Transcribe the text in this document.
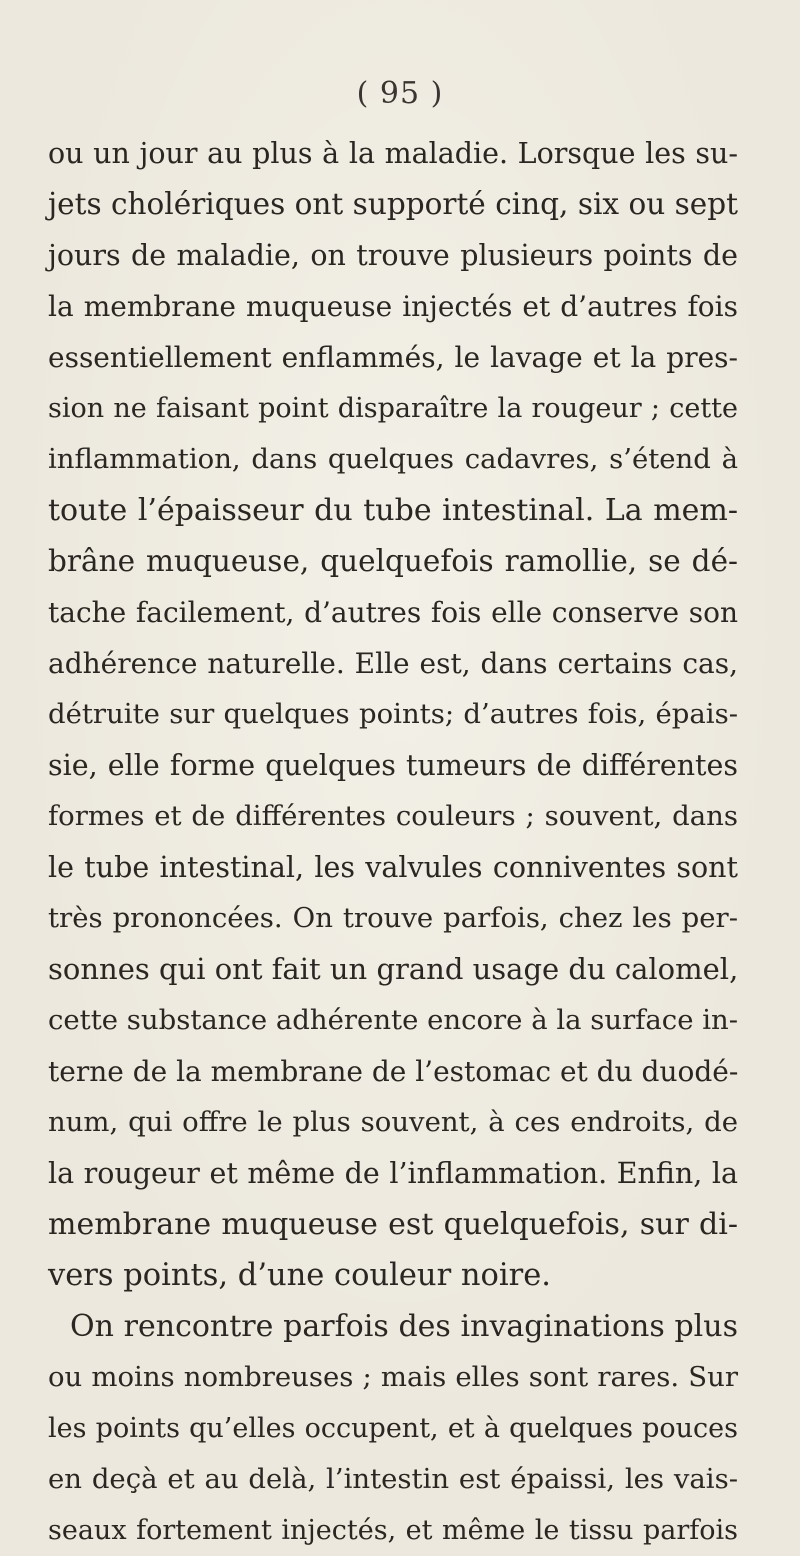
( 95 )
ou un jour au plus à la maladie. Lorsque les su-
jets cholériques ont supporté cinq, six ou sept
jours de maladie, on trouve plusieurs points de
la membrane muqueuse injectés et d’autres fois
essentiellement enflammés, le lavage et la pres-
sion ne faisant point disparaître la rougeur ; cette
inflammation, dans quelques cadavres, s’étend à
toute l’épaisseur du tube intestinal. La mem-
brâne muqueuse, quelquefois ramollie, se dé-
tache facilement, d’autres fois elle conserve son
adhérence naturelle. Elle est, dans certains cas,
détruite sur quelques points; d’autres fois, épais-
sie, elle forme quelques tumeurs de différentes
formes et de différentes couleurs ; souvent, dans
le tube intestinal, les valvules conniventes sont
très prononcées. On trouve parfois, chez les per-
sonnes qui ont fait un grand usage du calomel,
cette substance adhérente encore à la surface in-
terne de la membrane de l’estomac et du duodé-
num, qui offre le plus souvent, à ces endroits, de
la rougeur et même de l’inflammation. Enfin, la
membrane muqueuse est quelquefois, sur di-
vers points, d’une couleur noire.
On rencontre parfois des invaginations plus
ou moins nombreuses ; mais elles sont rares. Sur
les points qu’elles occupent, et à quelques pouces
en deçà et au delà, l’intestin est épaissi, les vais-
seaux fortement injectés, et même le tissu parfois
